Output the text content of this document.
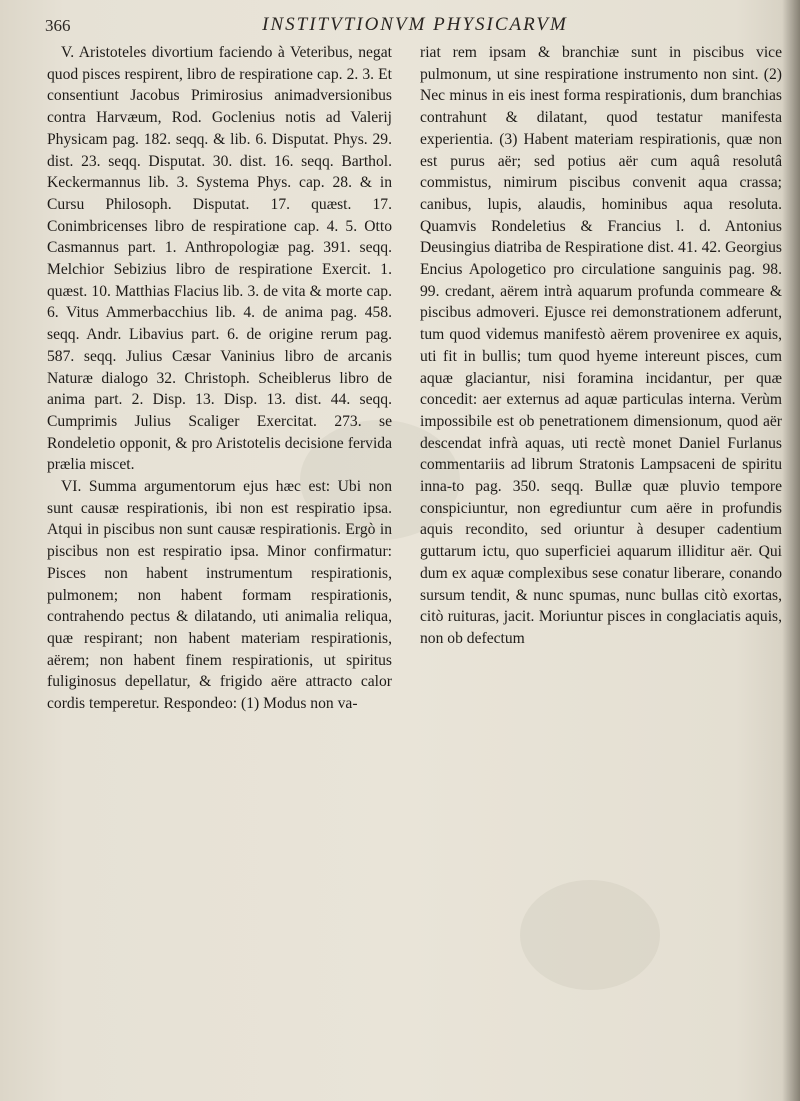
366	INSTITVTIONVM PHYSICARVM

V. Aristoteles divortium faciendo à Veteribus, negat quod pisces respirent, libro de respiratione cap. 2. 3. Et consentiunt Jacobus Primirosius animadversionibus contra Harvæum, Rod. Goclenius notis ad Valerij Physicam pag. 182. seqq. & lib. 6. Disputat. Phys. 29. dist. 23. seqq. Disputat. 30. dist. 16. seqq. Barthol. Keckermannus lib. 3. Systema Phys. cap. 28. & in Cursu Philosoph. Disputat. 17. quæst. 17. Conimbricenses libro de respiratione cap. 4. 5. Otto Casmannus part. 1. Anthropologiæ pag. 391. seqq. Melchior Sebizius libro de respiratione Exercit. 1. quæst. 10. Matthias Flacius lib. 3. de vita & morte cap. 6. Vitus Ammerbacchius lib. 4. de anima pag. 458. seqq. Andr. Libavius part. 6. de origine rerum pag. 587. seqq. Julius Cæsar Vaninius libro de arcanis Naturæ dialogo 32. Christoph. Scheiblerus libro de anima part. 2. Disp. 13. Disp. 13. dist. 44. seqq. Cumprimis Julius Scaliger Exercitat. 273. se Rondeletio opponit, & pro Aristotelis decisione fervida prælia miscet.

VI. Summa argumentorum ejus hæc est: Ubi non sunt causæ respirationis, ibi non est respiratio ipsa. Atqui in piscibus non sunt causæ respirationis. Ergò in piscibus non est respiratio ipsa. Minor confirmatur: Pisces non habent instrumentum respirationis, pulmonem; non habent formam respirationis, contrahendo pectus & dilatando, uti animalia reliqua, quæ respirant; non habent materiam respirationis, aërem; non habent finem respirationis, ut spiritus fuliginosus depellatur, & frigido aëre attracto calor cordis temperetur. Respondeo: (1) Modus non va-

riat rem ipsam & branchiæ sunt in piscibus vice pulmonum, ut sine respiratione instrumento non sint. (2) Nec minus in eis inest forma respirationis, dum branchias contrahunt & dilatant, quod testatur manifesta experientia. (3) Habent materiam respirationis, quæ non est purus aër; sed potius aër cum aquâ resolutâ commistus, nimirum piscibus convenit aqua crassa; canibus, lupis, alaudis, hominibus aqua resoluta. Quamvis Rondeletius & Francius l. d. Antonius Deusingius diatriba de Respiratione dist. 41. 42. Georgius Encius Apologetico pro circulatione sanguinis pag. 98. 99. credant, aërem intrà aquarum profunda commeare & piscibus admoveri. Ejusce rei demonstrationem adferunt, tum quod videmus manifestò aërem proveniree ex aquis, uti fit in bullis; tum quod hyeme intereunt pisces, cum aquæ glaciantur, nisi foramina incidantur, per quæ concedit: aer externus ad aquæ particulas interna. Verùm impossibile est ob penetrationem dimensionum, quod aër descendat infrà aquas, uti rectè monet Daniel Furlanus commentariis ad librum Stratonis Lampsaceni de spiritu inna-to pag. 350. seqq. Bullæ quæ pluvio tempore conspiciuntur, non egrediuntur cum aëre in profundis aquis recondito, sed oriuntur à desuper cadentium guttarum ictu, quo superficiei aquarum illiditur aër. Qui dum ex aquæ complexibus sese conatur liberare, conando sursum tendit, & nunc spumas, nunc bullas citò exortas, citò ruituras, jacit. Moriuntur pisces in conglaciatis aquis, non ob defectum
